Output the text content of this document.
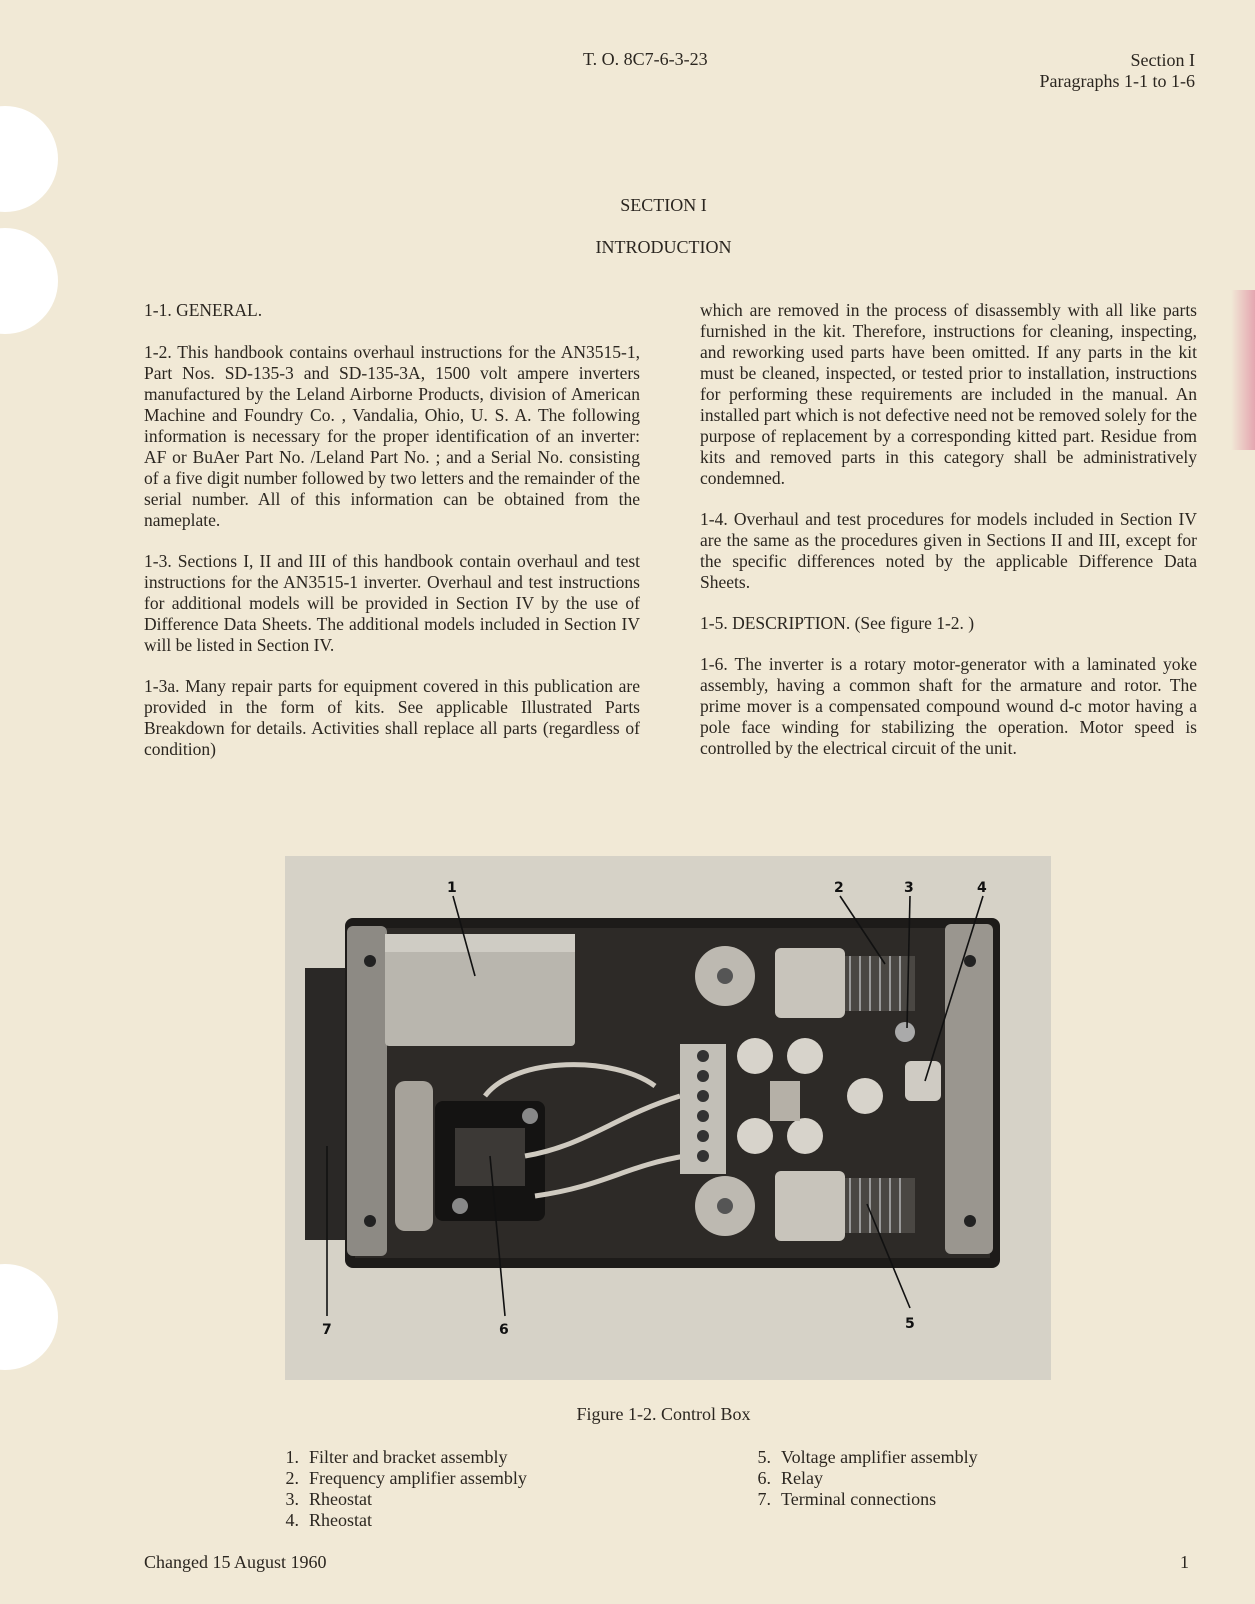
T. O. 8C7-6-3-23	Section I
Paragraphs 1-1 to 1-6
SECTION I
INTRODUCTION

1-1. GENERAL.

1-2. This handbook contains overhaul instructions for the AN3515-1, Part Nos. SD-135-3 and SD-135-3A, 1500 volt ampere inverters manufactured by the Leland Airborne Products, division of American Machine and Foundry Co. , Vandalia, Ohio, U. S. A. The following information is necessary for the proper identification of an inverter: AF or BuAer Part No. /Leland Part No. ; and a Serial No. consisting of a five digit number followed by two letters and the remainder of the serial number. All of this information can be obtained from the nameplate.

1-3. Sections I, II and III of this handbook contain overhaul and test instructions for the AN3515-1 inverter. Overhaul and test instructions for additional models will be provided in Section IV by the use of Difference Data Sheets. The additional models included in Section IV will be listed in Section IV.

1-3a. Many repair parts for equipment covered in this publication are provided in the form of kits. See applicable Illustrated Parts Breakdown for details. Activities shall replace all parts (regardless of condition)

which are removed in the process of disassembly with all like parts furnished in the kit. Therefore, instructions for cleaning, inspecting, and reworking used parts have been omitted. If any parts in the kit must be cleaned, inspected, or tested prior to installation, instructions for performing these requirements are included in the manual. An installed part which is not defective need not be removed solely for the purpose of replacement by a corresponding kitted part. Residue from kits and removed parts in this category shall be administratively condemned.

1-4. Overhaul and test procedures for models included in Section IV are the same as the procedures given in Sections II and III, except for the specific differences noted by the applicable Difference Data Sheets.

1-5. DESCRIPTION. (See figure 1-2. )

1-6. The inverter is a rotary motor-generator with a laminated yoke assembly, having a common shaft for the armature and rotor. The prime mover is a compensated compound wound d-c motor having a pole face winding for stabilizing the operation. Motor speed is controlled by the electrical circuit of the unit.

1	2	3	4
5
6
7
Figure 1-2. Control Box
1. Filter and bracket assembly
2. Frequency amplifier assembly
3. Rheostat
4. Rheostat
5. Voltage amplifier assembly
6. Relay
7. Terminal connections
Changed 15 August 1960	1
